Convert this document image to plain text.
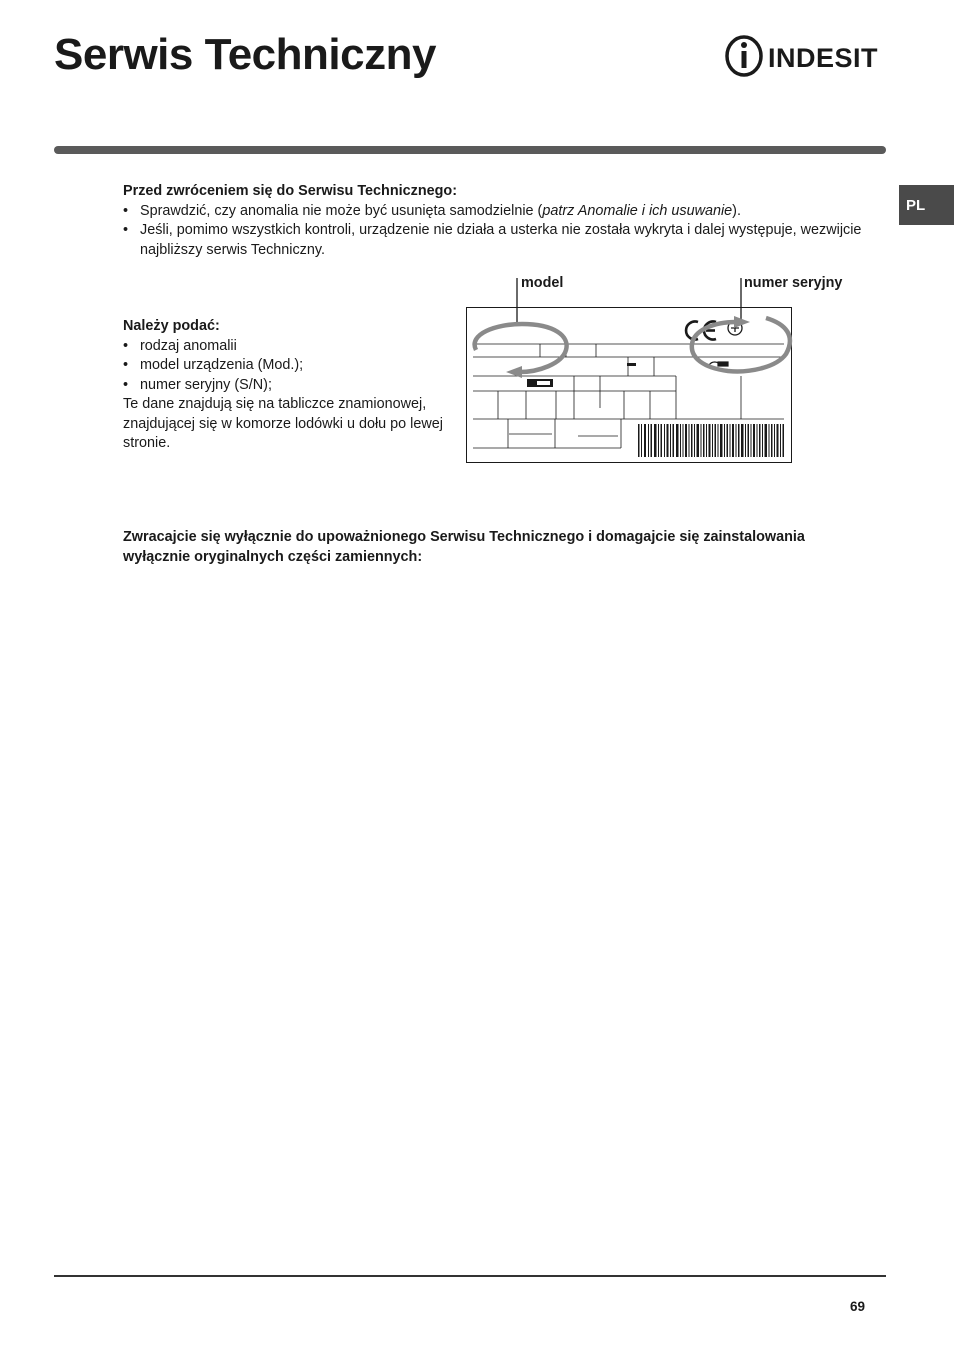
Serwis Techniczny	INDESIT
PL
Przed zwróceniem się do Serwisu Technicznego:
• Sprawdzić, czy anomalia nie może być usunięta samodzielnie (patrz Anomalie i ich usuwanie).
• Jeśli, pomimo wszystkich kontroli, urządzenie nie działa a usterka nie została wykryta i dalej występuje, wezwijcie najbliższy serwis Techniczny.
Należy podać:
• rodzaj anomalii
• model urządzenia (Mod.);
• numer seryjny (S/N);
Te dane znajdują się na tabliczce znamionowej, znajdującej się w komorze lodówki u dołu po lewej stronie.
model	numer seryjny

Zwracajcie się wyłącznie do upoważnionego Serwisu Technicznego i domagajcie się zainstalowania wyłącznie oryginalnych części zamiennych:

69
